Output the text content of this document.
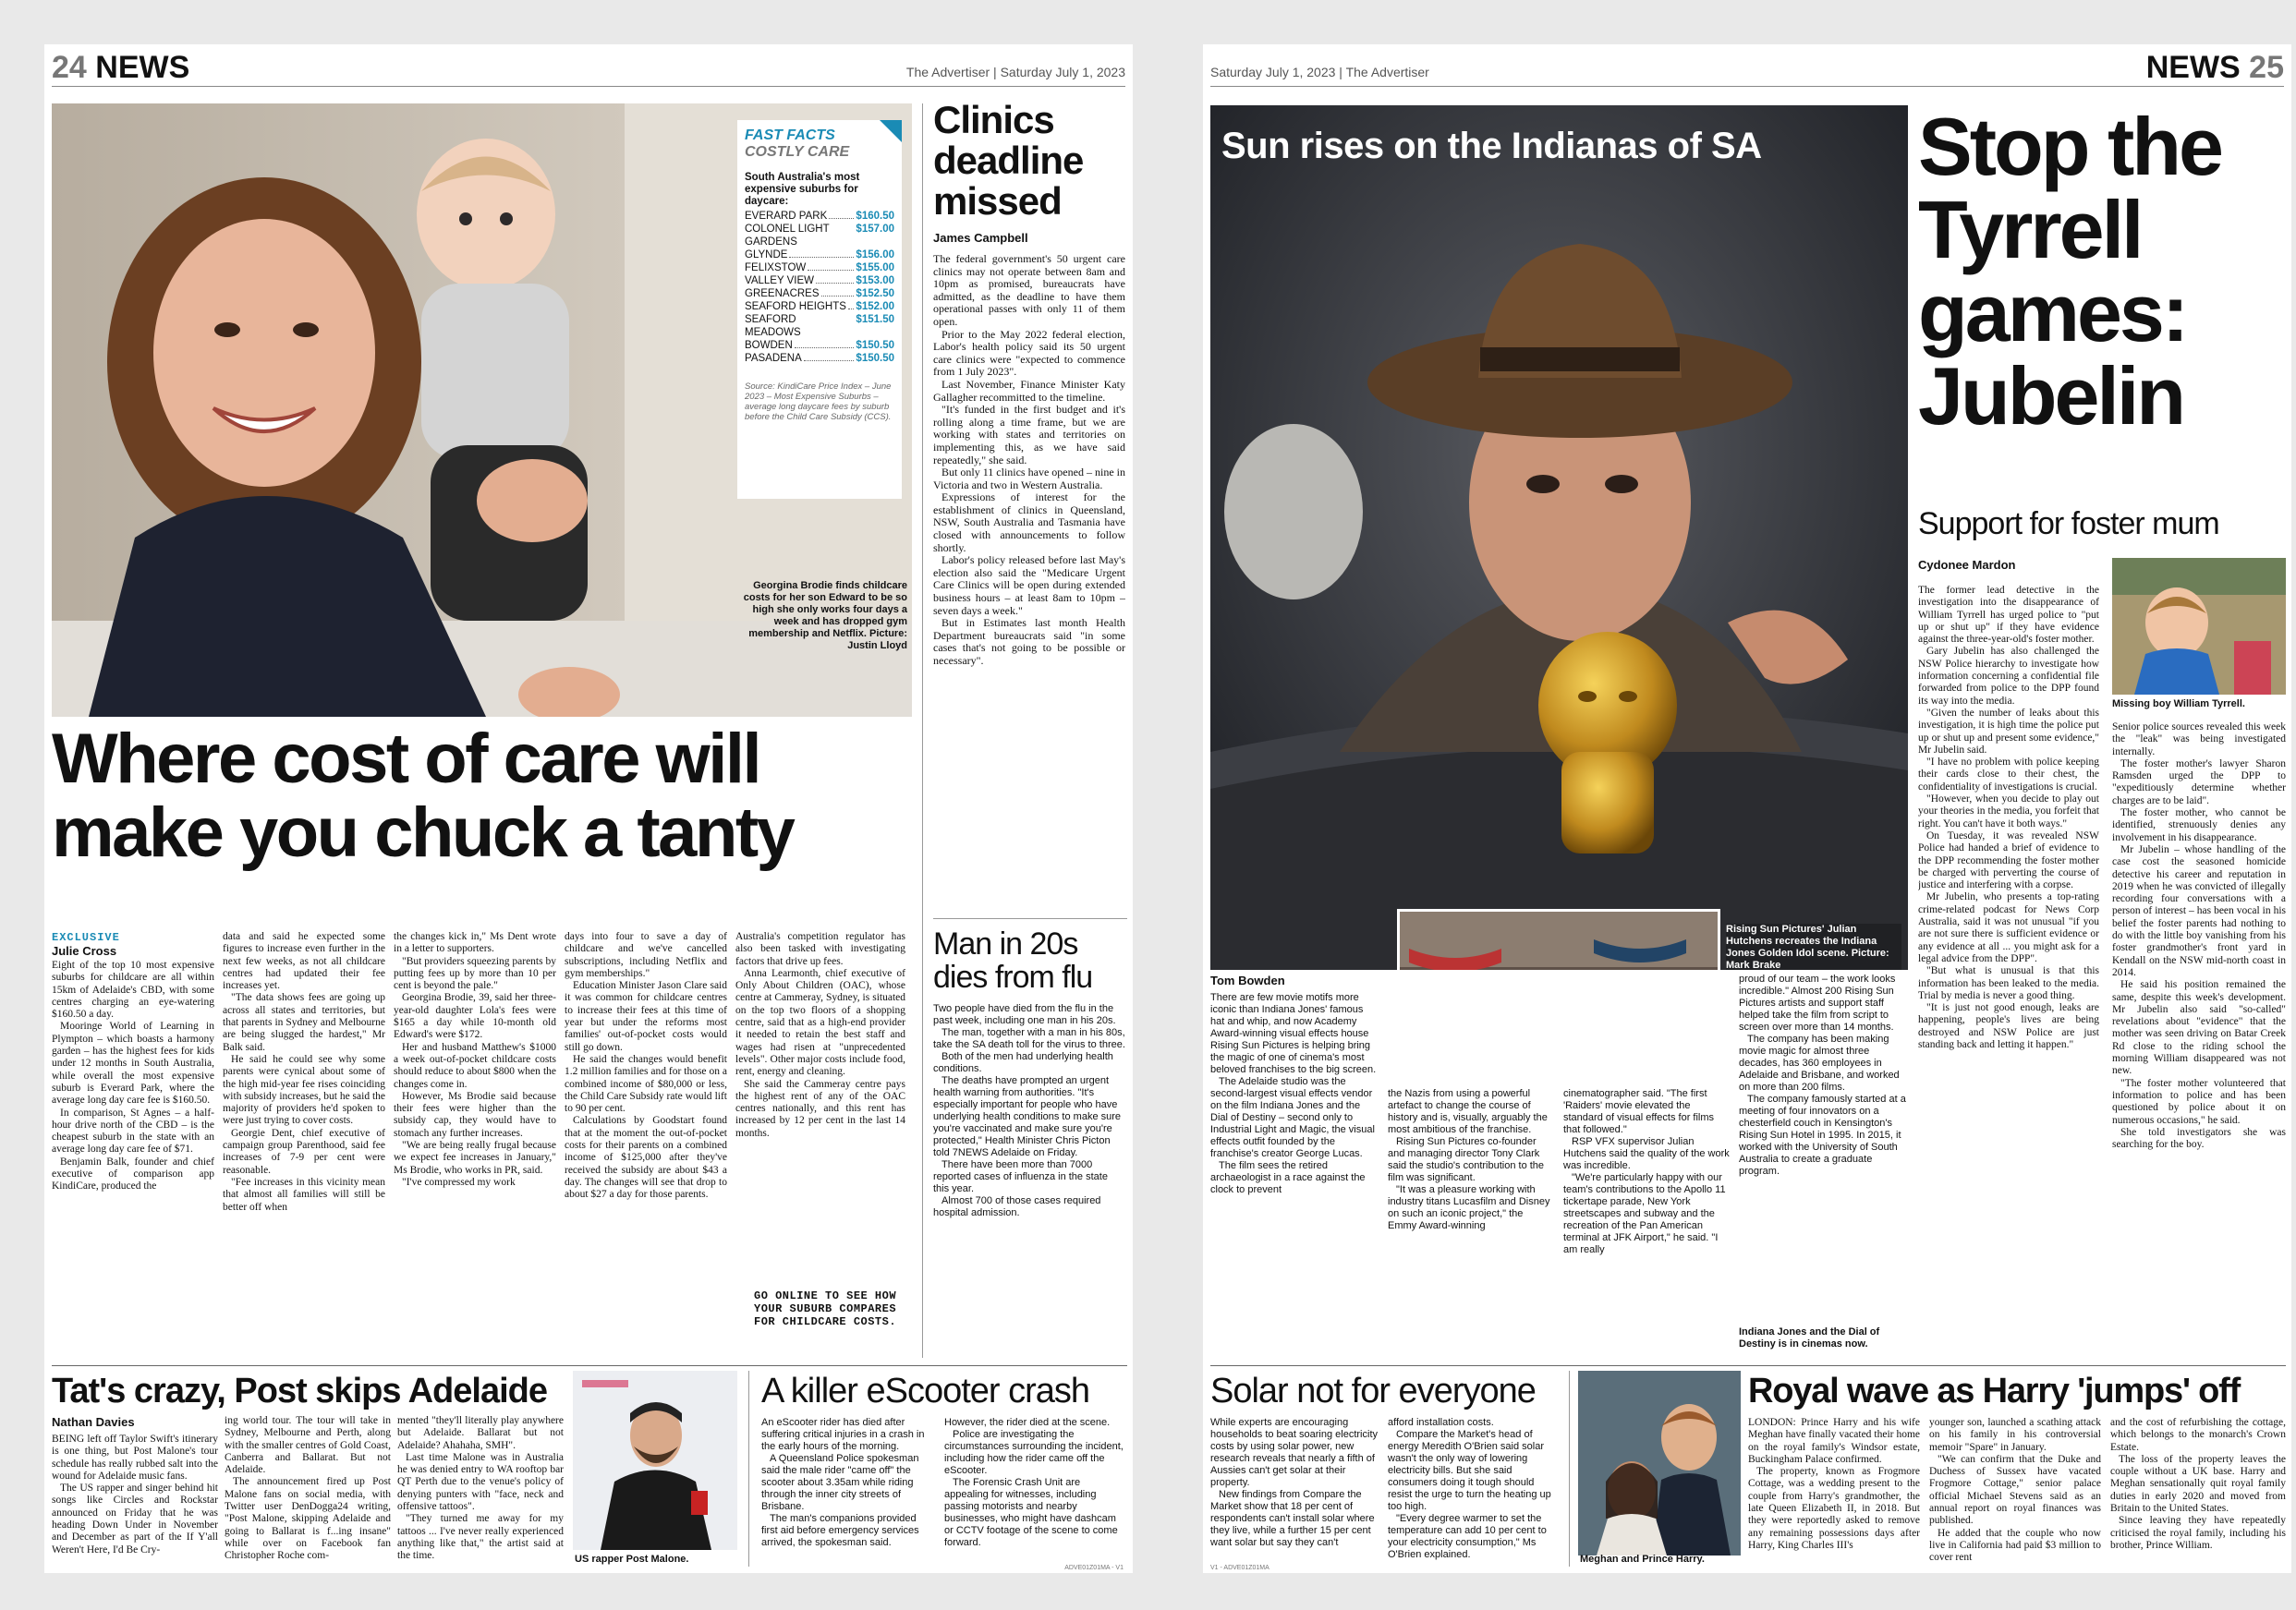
24 NEWS	The Advertiser | Saturday July 1, 2023
Georgina Brodie finds childcare costs for her son Edward to be so high she only works four days a week and has dropped gym membership and Netflix. Picture: Justin Lloyd
FAST FACTS
COSTLY CARE
South Australia's most expensive suburbs for daycare:
EVERARD PARK	$160.50
COLONEL LIGHT GARDENS
$157.00
GLYNDE	$156.00
FELIXSTOW	$155.00
VALLEY VIEW	$153.00
GREENACRES	$152.50
SEAFORD HEIGHTS $152.00
SEAFORD MEADOWS
$151.50
BOWDEN	$150.50
PASADENA	$150.50
Source: KindiCare Price Index – June 2023 – Most Expensive Suburbs – average long daycare fees by suburb before the Child Care Subsidy (CCS).
Where cost of care will make you chuck a tanty
EXCLUSIVE
Julie Cross

Eight of the top 10 most expensive suburbs for childcare are all within 15km of Adelaide's CBD, with some centres charging an eye-watering $160.50 a day.

Mooringe World of Learning in Plympton – which boasts a harmony garden – has the highest fees for kids under 12 months in South Australia, while overall the most expensive suburb is Everard Park, where the average long day care fee is $160.50.

In comparison, St Agnes – a half-hour drive north of the CBD – is the cheapest suburb in the state with an average long day care fee of $71.

Benjamin Balk, founder and chief executive of comparison app KindiCare, produced the

data and said he expected some figures to increase even further in the next few weeks, as not all childcare centres had updated their fee increases yet.

"The data shows fees are going up across all states and territories, but that parents in Sydney and Melbourne are being slugged the hardest," Mr Balk said.

He said he could see why some parents were cynical about some of the high mid-year fee rises coinciding with subsidy increases, but he said the majority of providers he'd spoken to were just trying to cover costs.

Georgie Dent, chief executive of campaign group Parenthood, said fee increases of 7-9 per cent were reasonable.

"Fee increases in this vicinity mean that almost all families will still be better off when

the changes kick in," Ms Dent wrote in a letter to supporters.

"But providers squeezing parents by putting fees up by more than 10 per cent is beyond the pale."

Georgina Brodie, 39, said her three-year-old daughter Lola's fees were $165 a day while 10-month old Edward's were $172.

Her and husband Matthew's $1000 a week out-of-pocket childcare costs should reduce to about $800 when the changes come in.

However, Ms Brodie said because their fees were higher than the subsidy cap, they would have to stomach any further increases.

"We are being really frugal because we expect fee increases in January," Ms Brodie, who works in PR, said.

"I've compressed my work

days into four to save a day of childcare and we've cancelled subscriptions, including Netflix and gym memberships."

Education Minister Jason Clare said it was common for childcare centres to increase their fees at this time of year but under the reforms most families' out-of-pocket costs would still go down.

He said the changes would benefit 1.2 million families and for those on a combined income of $80,000 or less, the Child Care Subsidy rate would lift to 90 per cent.

Calculations by Goodstart found that at the moment the out-of-pocket costs for their parents on a combined income of $125,000 after they've received the subsidy are about $43 a day. The changes will see that drop to about $27 a day for those parents.

Australia's competition regulator has also been tasked with investigating factors that drive up fees.

Anna Learmonth, chief executive of Only About Children (OAC), whose centre at Cammeray, Sydney, is situated on the top two floors of a shopping centre, said that as a high-end provider it needed to retain the best staff and wages had risen at "unprecedented levels". Other major costs include food, rent, energy and cleaning.

She said the Cammeray centre pays the highest rent of any of the OAC centres nationally, and this rent has increased by 12 per cent in the last 14 months.

GO ONLINE TO SEE HOW YOUR SUBURB COMPARES FOR CHILDCARE COSTS.
Clinics deadline missed
James Campbell

The federal government's 50 urgent care clinics may not operate between 8am and 10pm as promised, bureaucrats have admitted, as the deadline to have them operational passes with only 11 of them open.

Prior to the May 2022 federal election, Labor's health policy said its 50 urgent care clinics were "expected to commence from 1 July 2023".

Last November, Finance Minister Katy Gallagher recommitted to the timeline.

"It's funded in the first budget and it's rolling along a time frame, but we are working with states and territories on implementing this, as we have said repeatedly," she said.

But only 11 clinics have opened – nine in Victoria and two in Western Australia.

Expressions of interest for the establishment of clinics in Queensland, NSW, South Australia and Tasmania have closed with announcements to follow shortly.

Labor's policy released before last May's election also said the "Medicare Urgent Care Clinics will be open during extended business hours – at least 8am to 10pm – seven days a week."

But in Estimates last month Health Department bureaucrats said "in some cases that's not going to be possible or necessary".

Man in 20s dies from flu

Two people have died from the flu in the past week, including one man in his 20s.

The man, together with a man in his 80s, take the SA death toll for the virus to three.

Both of the men had underlying health conditions.

The deaths have prompted an urgent health warning from authorities. "It's especially important for people who have underlying health conditions to make sure you're vaccinated and make sure you're protected," Health Minister Chris Picton told 7NEWS Adelaide on Friday.

There have been more than 7000 reported cases of influenza in the state this year.

Almost 700 of those cases required hospital admission.

Tat's crazy, Post skips Adelaide
Nathan Davies

BEING left off Taylor Swift's itinerary is one thing, but Post Malone's tour schedule has really rubbed salt into the wound for Adelaide music fans.

The US rapper and singer behind hit songs like Circles and Rockstar announced on Friday that he was heading Down Under in November and December as part of the If Y'all Weren't Here, I'd Be Cry-

ing world tour. The tour will take in Sydney, Melbourne and Perth, along with the smaller centres of Gold Coast, Canberra and Ballarat. But not Adelaide.

The announcement fired up Post Malone fans on social media, with Twitter user DenDogga24 writing, "Post Malone, skipping Adelaide and going to Ballarat is f...ing insane" while over on Facebook fan Christopher Roche com-

mented "they'll literally play anywhere but Adelaide. Ballarat but not Adelaide? Ahahaha, SMH".

Last time Malone was in Australia he was denied entry to WA rooftop bar QT Perth due to the venue's policy of denying punters with "face, neck and offensive tattoos".

"They turned me away for my tattoos ... I've never really experienced anything like that," the artist said at the time.	US rapper Post Malone.
A killer eScooter crash

An eScooter rider has died after suffering critical injuries in a crash in the early hours of the morning.

A Queensland Police spokesman said the male rider "came off" the scooter about 3.35am while riding through the inner city streets of Brisbane.

The man's companions provided first aid before emergency services arrived, the spokesman said.

However, the rider died at the scene.

Police are investigating the circumstances surrounding the incident, including how the rider came off the eScooter.

The Forensic Crash Unit are appealing for witnesses, including passing motorists and nearby businesses, who might have dashcam or CCTV footage of the scene to come forward.

ADVE01Z01MA - V1
Saturday July 1, 2023 | The Advertiser	NEWS 25
Sun rises on the Indianas of SA
Rising Sun Pictures' Julian Hutchens recreates the Indiana Jones Golden Idol scene. Picture: Mark Brake
Tom Bowden

There are few movie motifs more iconic than Indiana Jones' famous hat and whip, and now Academy Award-winning visual effects house Rising Sun Pictures is helping bring the magic of one of cinema's most beloved franchises to the big screen.

The Adelaide studio was the second-largest visual effects vendor on the film Indiana Jones and the Dial of Destiny – second only to Industrial Light and Magic, the visual effects outfit founded by the franchise's creator George Lucas.

The film sees the retired archaeologist in a race against the clock to prevent

the Nazis from using a powerful artefact to change the course of history and is, visually, arguably the most ambitious of the franchise.

Rising Sun Pictures co-founder and managing director Tony Clark said the studio's contribution to the film was significant.

"It was a pleasure working with industry titans Lucasfilm and Disney on such an iconic project," the Emmy Award-winning

cinematographer said. "The first 'Raiders' movie elevated the standard of visual effects for films that followed."

RSP VFX supervisor Julian Hutchens said the quality of the work was incredible.

"We're particularly happy with our team's contributions to the Apollo 11 tickertape parade, New York streetscapes and subway and the recreation of the Pan American terminal at JFK Airport," he said. "I am really

proud of our team – the work looks incredible." Almost 200 Rising Sun Pictures artists and support staff helped take the film from script to screen over more than 14 months.

The company has been making movie magic for almost three decades, has 360 employees in Adelaide and Brisbane, and worked on more than 200 films.

The company famously started at a meeting of four innovators on a chesterfield couch in Kensington's Rising Sun Hotel in 1995. In 2015, it worked with the University of South Australia to create a graduate program.

Indiana Jones and the Dial of Destiny is in cinemas now.
Stop the Tyrrell games: Jubelin
Support for foster mum
Cydonee Mardon
Missing boy William Tyrrell.

The former lead detective in the investigation into the disappearance of William Tyrrell has urged police to "put up or shut up" if they have evidence against the three-year-old's foster mother.

Gary Jubelin has also challenged the NSW Police hierarchy to investigate how information concerning a confidential file forwarded from police to the DPP found its way into the media.

"Given the number of leaks about this investigation, it is high time the police put up or shut up and present some evidence," Mr Jubelin said.

"I have no problem with police keeping their cards close to their chest, the confidentiality of investigations is crucial.

"However, when you decide to play out your theories in the media, you forfeit that right. You can't have it both ways."

On Tuesday, it was revealed NSW Police had handed a brief of evidence to the DPP recommending the foster mother be charged with perverting the course of justice and interfering with a corpse.

Mr Jubelin, who presents a top-rating crime-related podcast for News Corp Australia, said it was not unusual "if you are not sure there is sufficient evidence or any evidence at all ... you might ask for a legal advice from the DPP".

"But what is unusual is that this information has been leaked to the media. Trial by media is never a good thing.

"It is just not good enough, leaks are happening, people's lives are being destroyed and NSW Police are just standing back and letting it happen."

Senior police sources revealed this week the "leak" was being investigated internally.

The foster mother's lawyer Sharon Ramsden urged the DPP to "expeditiously determine whether charges are to be laid".

The foster mother, who cannot be identified, strenuously denies any involvement in his disappearance.

Mr Jubelin – whose handling of the case cost the seasoned homicide detective his career and reputation in 2019 when he was convicted of illegally recording four conversations with a person of interest – has been vocal in his belief the foster parents had nothing to do with the little boy vanishing from his foster grandmother's front yard in Kendall on the NSW mid-north coast in 2014.

He said his position remained the same, despite this week's development. Mr Jubelin also said "so-called" revelations about "evidence" that the mother was seen driving on Batar Creek Rd close to the riding school the morning William disappeared was not new.

"The foster mother volunteered that information to police and has been questioned by police about it on numerous occasions," he said.

She told investigators she was searching for the boy.

Solar not for everyone

While experts are encouraging households to beat soaring electricity costs by using solar power, new research reveals that nearly a fifth of Aussies can't get solar at their property.

New findings from Compare the Market show that 18 per cent of respondents can't install solar where they live, while a further 15 per cent want solar but say they can't

afford installation costs.

Compare the Market's head of energy Meredith O'Brien said solar wasn't the only way of lowering electricity bills. But she said consumers doing it tough should resist the urge to turn the heating up too high.

"Every degree warmer to set the temperature can add 10 per cent to your electricity consumption," Ms O'Brien explained.	Meghan and Prince Harry.
Royal wave as Harry 'jumps' off

LONDON: Prince Harry and his wife Meghan have finally vacated their home on the royal family's Windsor estate, Buckingham Palace confirmed.

The property, known as Frogmore Cottage, was a wedding present to the couple from Harry's grandmother, the late Queen Elizabeth II, in 2018. But they were reportedly asked to remove any remaining possessions days after Harry, King Charles III's

younger son, launched a scathing attack on his family in his controversial memoir "Spare" in January.

"We can confirm that the Duke and Duchess of Sussex have vacated Frogmore Cottage," senior palace official Michael Stevens said as an annual report on royal finances was published.

He added that the couple who now live in California had paid $3 million to cover rent

and the cost of refurbishing the cottage, which belongs to the monarch's Crown Estate.

The loss of the property leaves the couple without a UK base. Harry and Meghan sensationally quit royal family duties in early 2020 and moved from Britain to the United States.

Since leaving they have repeatedly criticised the royal family, including his brother, Prince William.

V1 - ADVE01Z01MA
